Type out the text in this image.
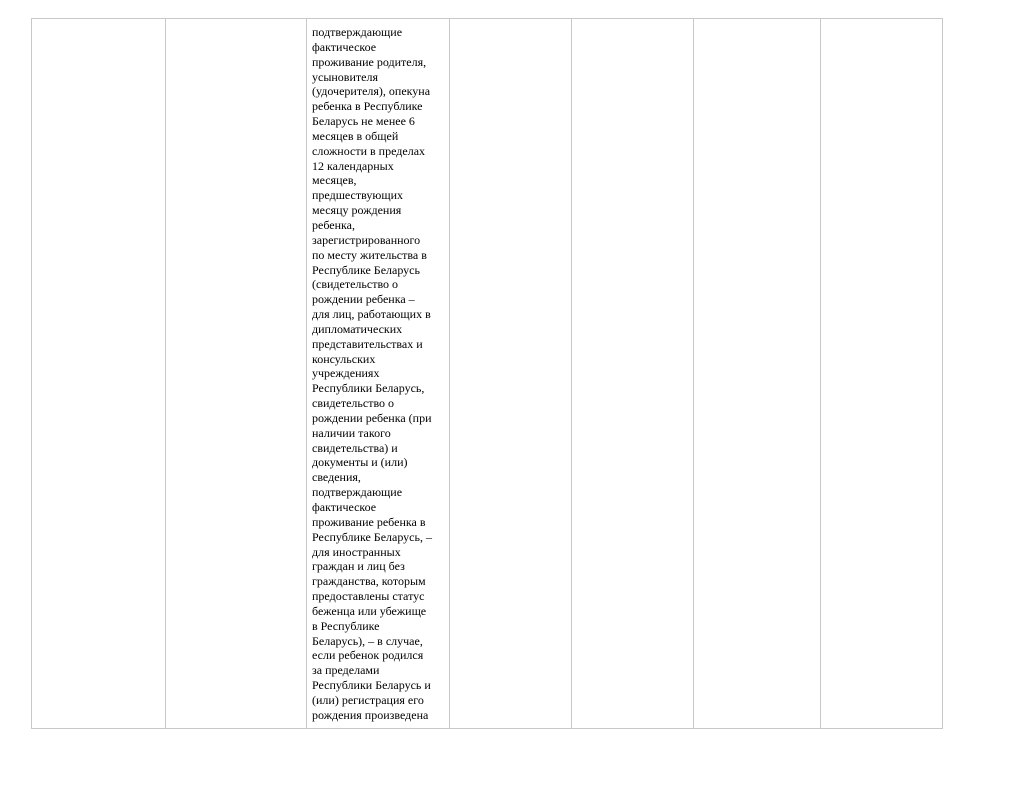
подтверждающие
фактическое
проживание родителя,
усыновителя
(удочерителя), опекуна
ребенка в Республике
Беларусь не менее 6
месяцев в общей
сложности в пределах
12 календарных
месяцев,
предшествующих
месяцу рождения
ребенка,
зарегистрированного
по месту жительства в
Республике Беларусь
(свидетельство о
рождении ребенка –
для лиц, работающих в
дипломатических
представительствах и
консульских
учреждениях
Республики Беларусь,
свидетельство о
рождении ребенка (при
наличии такого
свидетельства) и
документы и (или)
сведения,
подтверждающие
фактическое
проживание ребенка в
Республике Беларусь, –
для иностранных
граждан и лиц без
гражданства, которым
предоставлены статус
беженца или убежище
в Республике
Беларусь), – в случае,
если ребенок родился
за пределами
Республики Беларусь и
(или) регистрация его
рождения произведена
